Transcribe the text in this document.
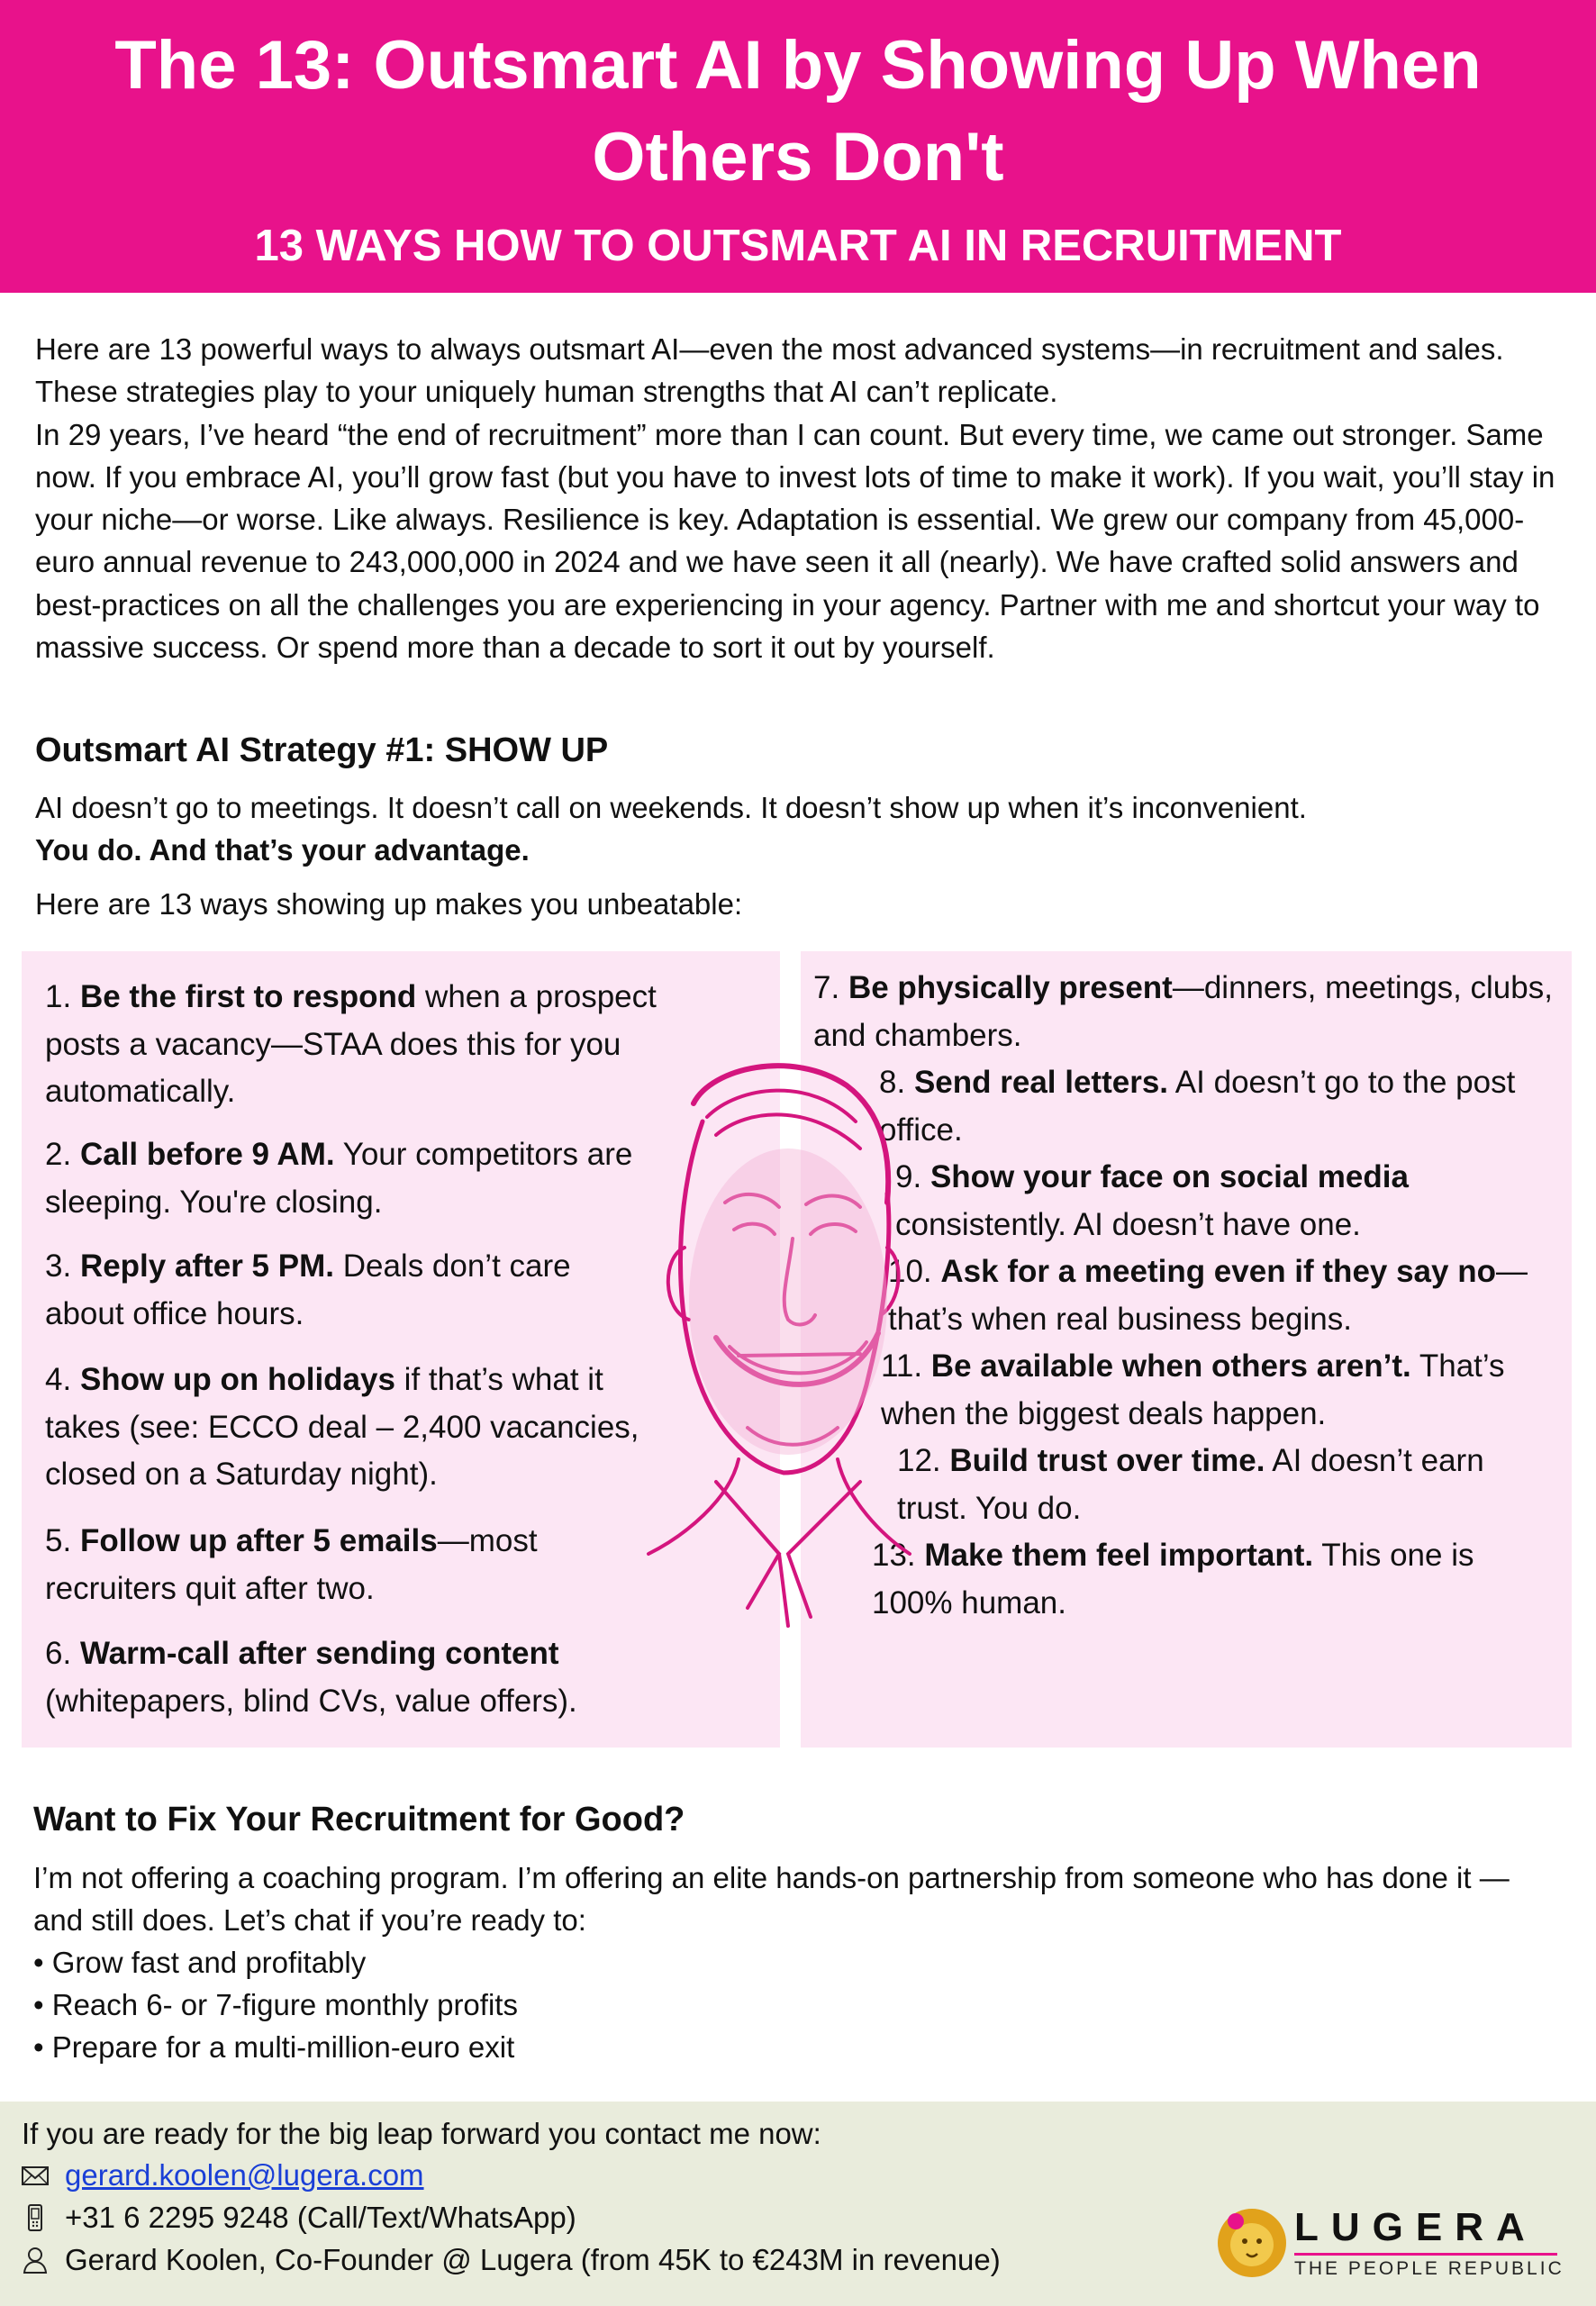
The 13: Outsmart AI by Showing Up When Others Don't
13 WAYS HOW TO OUTSMART AI IN RECRUITMENT

Here are 13 powerful ways to always outsmart AI—even the most advanced systems—in recruitment and sales. These strategies play to your uniquely human strengths that AI can’t replicate.

In 29 years, I’ve heard “the end of recruitment” more than I can count. But every time, we came out stronger. Same now. If you embrace AI, you’ll grow fast (but you have to invest lots of time to make it work). If you wait, you’ll stay in your niche—or worse. Like always. Resilience is key. Adaptation is essential. We grew our company from 45,000-euro annual revenue to 243,000,000 in 2024 and we have seen it all (nearly). We have crafted solid answers and best-practices on all the challenges you are experiencing in your agency. Partner with me and shortcut your way to massive success. Or spend more than a decade to sort it out by yourself.

Outsmart AI Strategy #1: SHOW UP
AI doesn’t go to meetings. It doesn’t call on weekends. It doesn’t show up when it’s inconvenient.
You do. And that’s your advantage.
Here are 13 ways showing up makes you unbeatable:
1. Be the first to respond when a prospect posts a vacancy—STAA does this for you automatically.
2. Call before 9 AM. Your competitors are sleeping. You're closing.
3. Reply after 5 PM. Deals don’t care about office hours.
4. Show up on holidays if that’s what it takes (see: ECCO deal – 2,400 vacancies, closed on a Saturday night).
5. Follow up after 5 emails—most recruiters quit after two.
6. Warm-call after sending content (whitepapers, blind CVs, value offers).
7. Be physically present—dinners, meetings, clubs, and chambers.
8. Send real letters. AI doesn’t go to the post office.
9. Show your face on social media consistently. AI doesn’t have one.
10. Ask for a meeting even if they say no—that’s when real business begins.
11. Be available when others aren’t. That’s when the biggest deals happen.
12. Build trust over time. AI doesn’t earn trust. You do.
13. Make them feel important. This one is 100% human.
Want to Fix Your Recruitment for Good?

I’m not offering a coaching program. I’m offering an elite hands-on partnership from someone who has done it — and still does. Let’s chat if you’re ready to:

• Grow fast and profitably
• Reach 6- or 7-figure monthly profits
• Prepare for a multi-million-euro exit
If you are ready for the big leap forward you contact me now:
gerard.koolen@lugera.com
+31 6 2295 9248 (Call/Text/WhatsApp)
Gerard Koolen, Co-Founder @ Lugera (from 45K to €243M in revenue)
LUGERA
THE PEOPLE REPUBLIC
